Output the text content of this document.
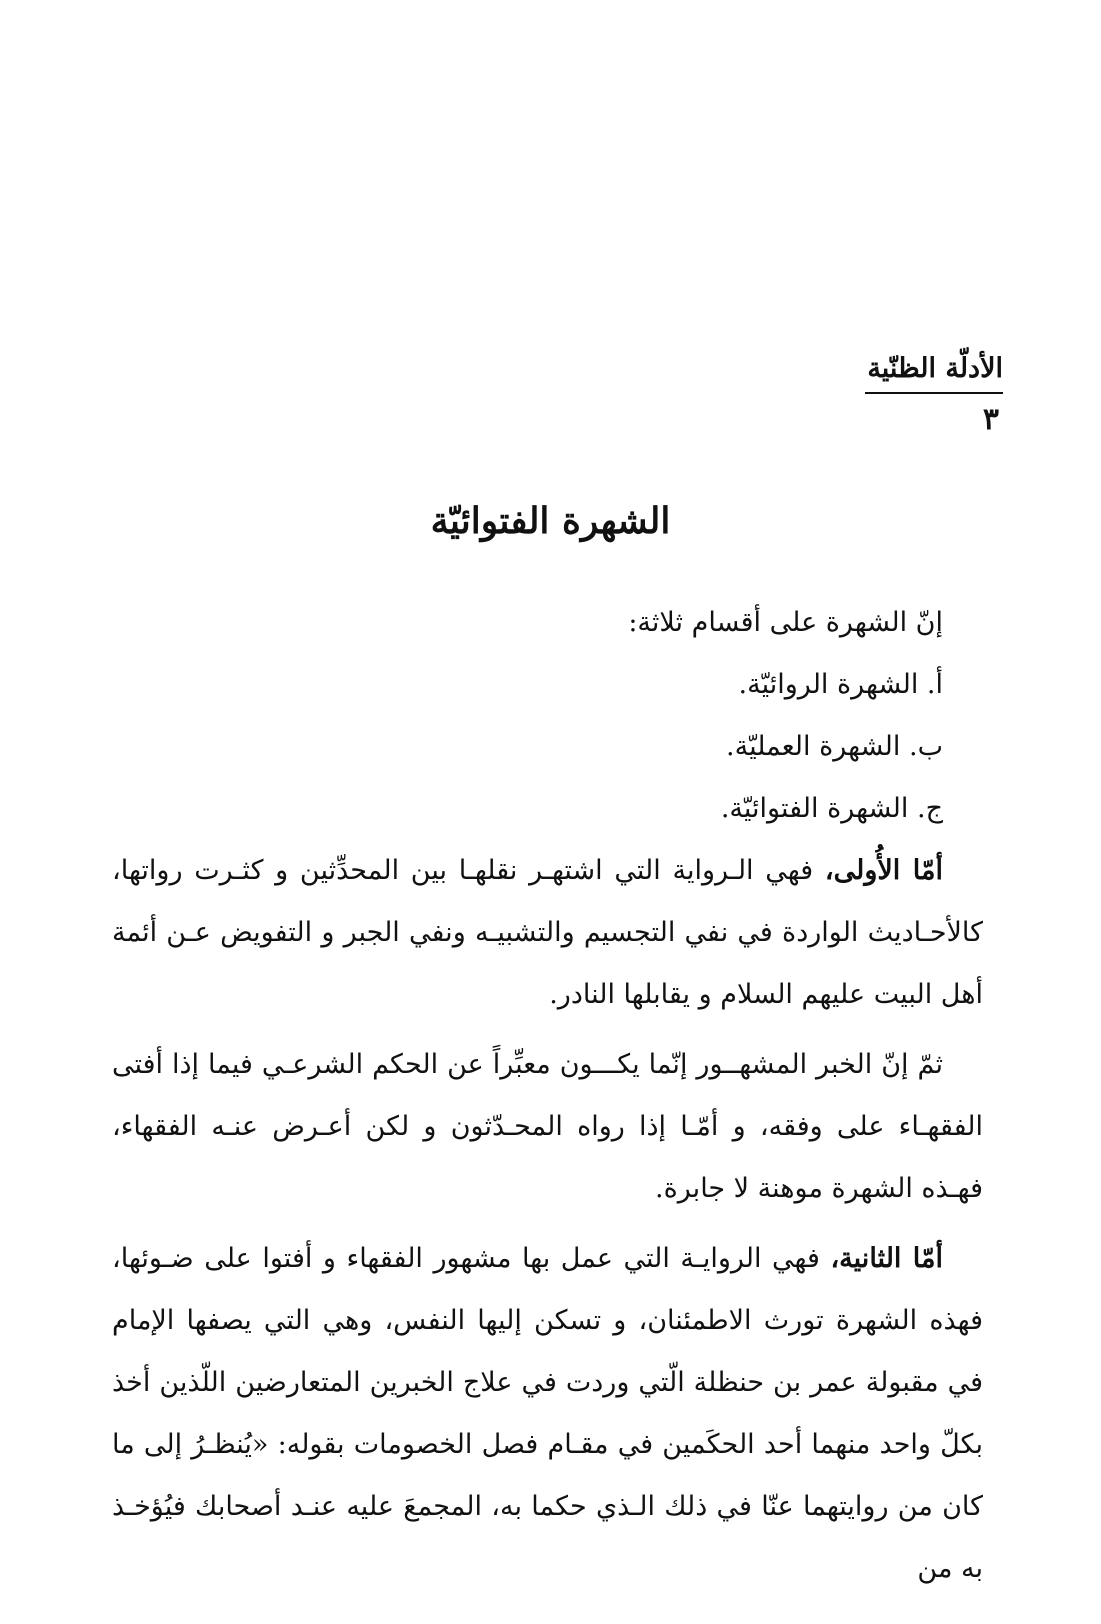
الأدلّة الظنّية
٣
الشهرة الفتوائيّة

إنّ الشهرة على أقسام ثلاثة:

أ. الشهرة الروائيّة.

ب. الشهرة العمليّة.

ج. الشهرة الفتوائيّة.

أمّا الأُولى، فهي الـرواية التي اشتهـر نقلهـا بين المحدِّثين و كثـرت رواتها، كالأحـاديث الواردة في نفي التجسيم والتشبيـه ونفي الجبر و التفويض عـن أئمة أهل البيت عليهم السلام و يقابلها النادر.

ثمّ إنّ الخبر المشهــور إنّما يكـــون معبِّراً عن الحكم الشرعـي فيما إذا أفتى الفقهـاء على وفقه، و أمّـا إذا رواه المحـدّثون و لكن أعـرض عنـه الفقهاء، فهـذه الشهرة موهنة لا جابرة.

أمّا الثانية، فهي الروايـة التي عمل بها مشهور الفقهاء و أفتوا على ضـوئها، فهذه الشهرة تورث الاطمئنان، و تسكن إليها النفس، وهي التي يصفها الإمام في مقبولة عمر بن حنظلة الّتي وردت في علاج الخبرين المتعارضين اللّذين أخذ بكلّ واحد منهما أحد الحكَمين في مقـام فصل الخصومات بقوله: «يُنظـرُ إلى ما كان من روايتهما عنّا في ذلك الـذي حكما به، المجمعَ عليه عنـد أصحابك فيُؤخـذ به من
